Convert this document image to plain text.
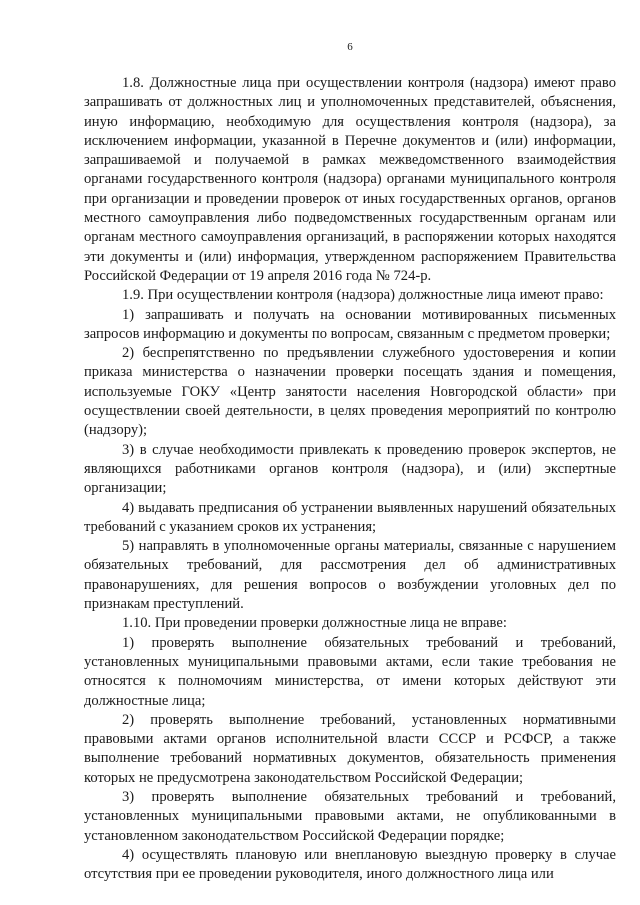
6

1.8. Должностные лица при осуществлении контроля (надзора) имеют право запрашивать от должностных лиц и уполномоченных представителей, объяснения, иную информацию, необходимую для осуществления контроля (надзора), за исключением информации, указанной в Перечне документов и (или) информации, запрашиваемой и получаемой в рамках межведомственного взаимодействия органами государственного контроля (надзора) органами муниципального контроля при организации и проведении проверок от иных государственных органов, органов местного самоуправления либо подведомственных государственным органам или органам местного самоуправления организаций, в распоряжении которых находятся эти документы и (или) информация, утвержденном распоряжением Правительства Российской Федерации от 19 апреля 2016 года № 724-р.

1.9. При осуществлении контроля (надзора) должностные лица имеют право:

1) запрашивать и получать на основании мотивированных письменных запросов информацию и документы по вопросам, связанным с предметом проверки;

2) беспрепятственно по предъявлении служебного удостоверения и копии приказа министерства о назначении проверки посещать здания и помещения, используемые ГОКУ «Центр занятости населения Новгородской области» при осуществлении своей деятельности, в целях проведения мероприятий по контролю (надзору);

3) в случае необходимости привлекать к проведению проверок экспертов, не являющихся работниками органов контроля (надзора), и (или) экспертные организации;

4) выдавать предписания об устранении выявленных нарушений обязательных требований с указанием сроков их устранения;

5) направлять в уполномоченные органы материалы, связанные с нарушением обязательных требований, для рассмотрения дел об административных правонарушениях, для решения вопросов о возбуждении уголовных дел по признакам преступлений.

1.10. При проведении проверки должностные лица не вправе:

1) проверять выполнение обязательных требований и требований, установленных муниципальными правовыми актами, если такие требования не относятся к полномочиям министерства, от имени которых действуют эти должностные лица;

2) проверять выполнение требований, установленных нормативными правовыми актами органов исполнительной власти СССР и РСФСР, а также выполнение требований нормативных документов, обязательность применения которых не предусмотрена законодательством Российской Федерации;

3) проверять выполнение обязательных требований и требований, установленных муниципальными правовыми актами, не опубликованными в установленном законодательством Российской Федерации порядке;

4) осуществлять плановую или внеплановую выездную проверку в случае отсутствия при ее проведении руководителя, иного должностного лица или
